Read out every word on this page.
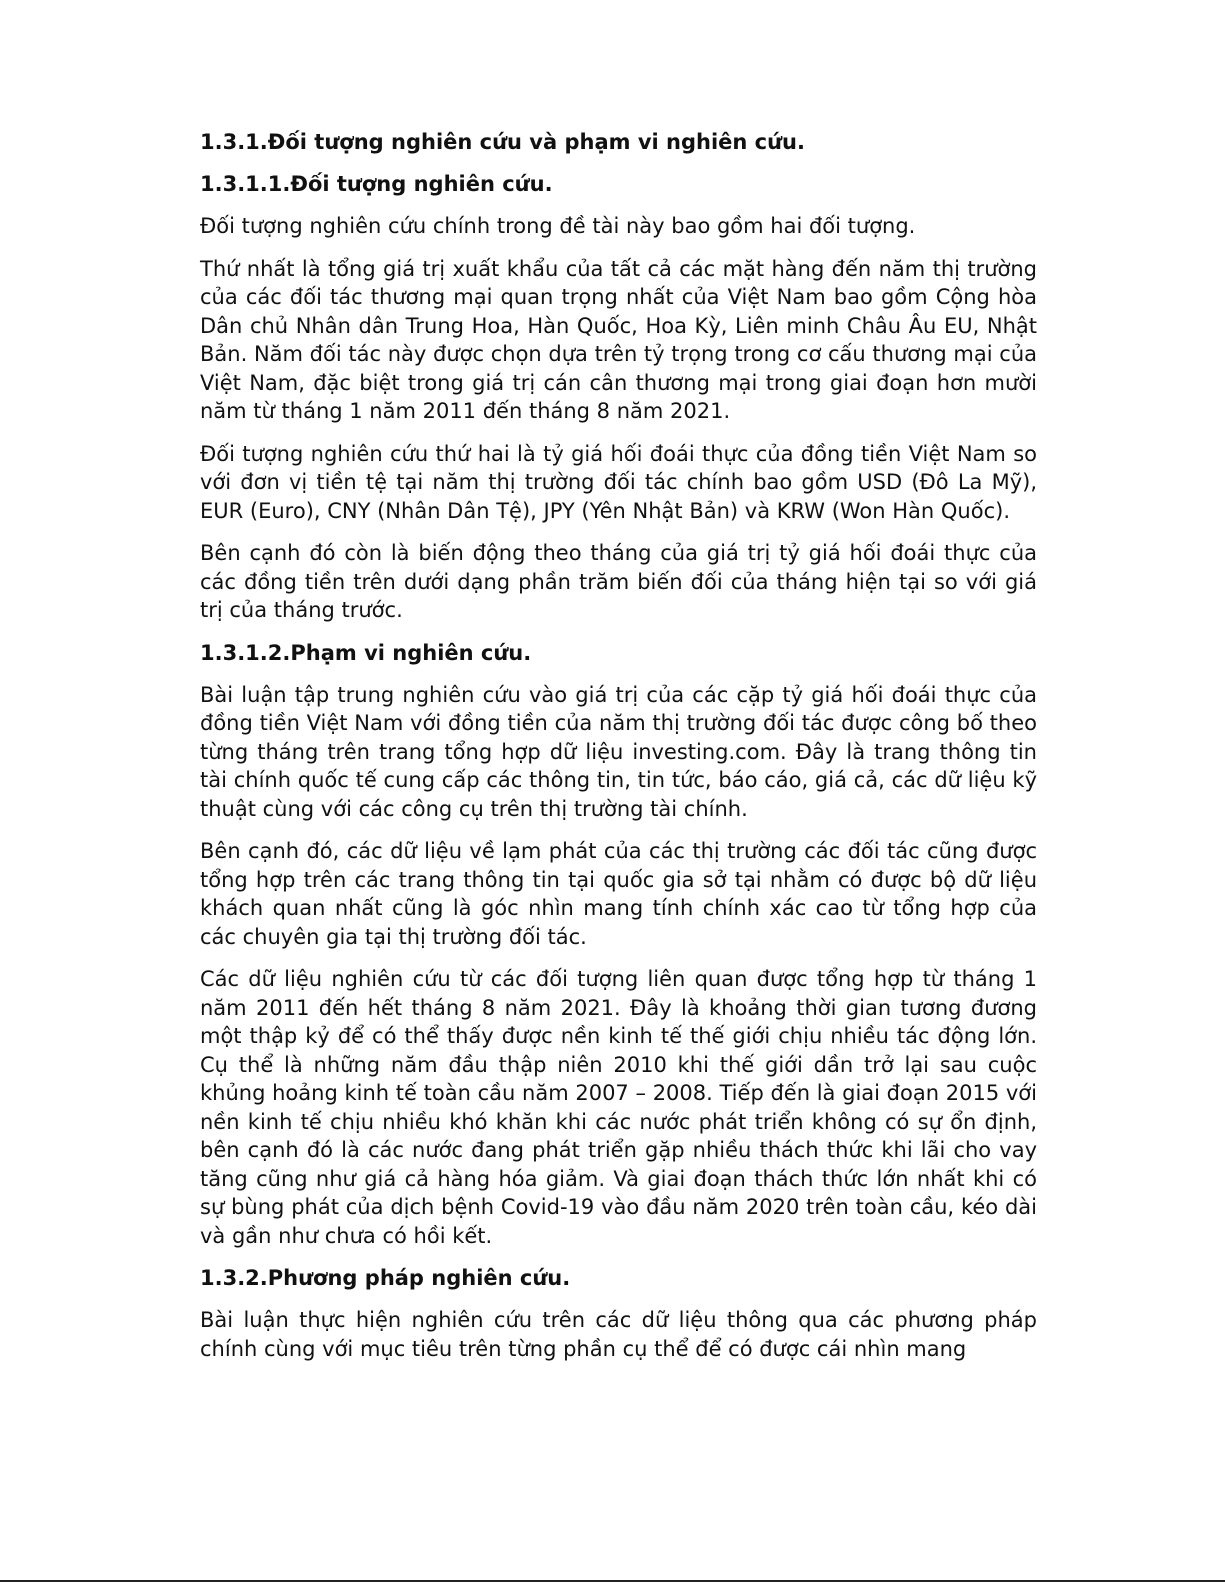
1.3.1.Đối tượng nghiên cứu và phạm vi nghiên cứu.
1.3.1.1.Đối tượng nghiên cứu.
Đối tượng nghiên cứu chính trong đề tài này bao gồm hai đối tượng.
Thứ nhất là tổng giá trị xuất khẩu của tất cả các mặt hàng đến năm thị trường của các đối tác thương mại quan trọng nhất của Việt Nam bao gồm Cộng hòa Dân chủ Nhân dân Trung Hoa, Hàn Quốc, Hoa Kỳ, Liên minh Châu Âu EU, Nhật Bản. Năm đối tác này được chọn dựa trên tỷ trọng trong cơ cấu thương mại của Việt Nam, đặc biệt trong giá trị cán cân thương mại trong giai đoạn hơn mười năm từ tháng 1 năm 2011 đến tháng 8 năm 2021.
Đối tượng nghiên cứu thứ hai là tỷ giá hối đoái thực của đồng tiền Việt Nam so với đơn vị tiền tệ tại năm thị trường đối tác chính bao gồm USD (Đô La Mỹ), EUR (Euro), CNY (Nhân Dân Tệ), JPY (Yên Nhật Bản) và KRW (Won Hàn Quốc).
Bên cạnh đó còn là biến động theo tháng của giá trị tỷ giá hối đoái thực của các đồng tiền trên dưới dạng phần trăm biến đối của tháng hiện tại so với giá trị của tháng trước.
1.3.1.2.Phạm vi nghiên cứu.
Bài luận tập trung nghiên cứu vào giá trị của các cặp tỷ giá hối đoái thực của đồng tiền Việt Nam với đồng tiền của năm thị trường đối tác được công bố theo từng tháng trên trang tổng hợp dữ liệu investing.com. Đây là trang thông tin tài chính quốc tế cung cấp các thông tin, tin tức, báo cáo, giá cả, các dữ liệu kỹ thuật cùng với các công cụ trên thị trường tài chính.
Bên cạnh đó, các dữ liệu về lạm phát của các thị trường các đối tác cũng được tổng hợp trên các trang thông tin tại quốc gia sở tại nhằm có được bộ dữ liệu khách quan nhất cũng là góc nhìn mang tính chính xác cao từ tổng hợp của các chuyên gia tại thị trường đối tác.
Các dữ liệu nghiên cứu từ các đối tượng liên quan được tổng hợp từ tháng 1 năm 2011 đến hết tháng 8 năm 2021. Đây là khoảng thời gian tương đương một thập kỷ để có thể thấy được nền kinh tế thế giới chịu nhiều tác động lớn. Cụ thể là những năm đầu thập niên 2010 khi thế giới dần trở lại sau cuộc khủng hoảng kinh tế toàn cầu năm 2007 – 2008. Tiếp đến là giai đoạn 2015 với nền kinh tế chịu nhiều khó khăn khi các nước phát triển không có sự ổn định, bên cạnh đó là các nước đang phát triển gặp nhiều thách thức khi lãi cho vay tăng cũng như giá cả hàng hóa giảm. Và giai đoạn thách thức lớn nhất khi có sự bùng phát của dịch bệnh Covid-19 vào đầu năm 2020 trên toàn cầu, kéo dài và gần như chưa có hồi kết.
1.3.2.Phương pháp nghiên cứu.
Bài luận thực hiện nghiên cứu trên các dữ liệu thông qua các phương pháp chính cùng với mục tiêu trên từng phần cụ thể để có được cái nhìn mang
